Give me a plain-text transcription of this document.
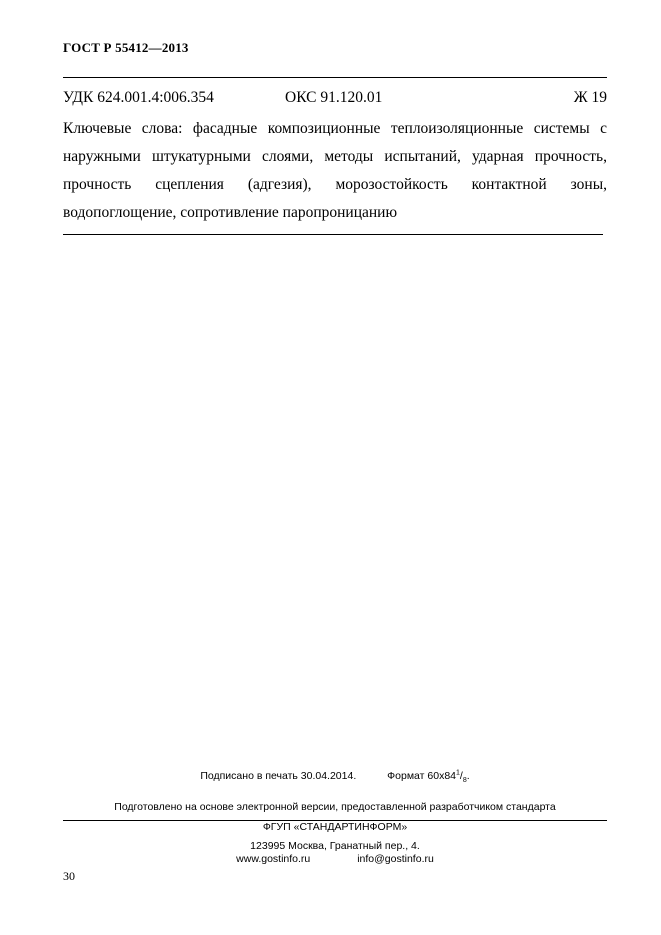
ГОСТ Р 55412—2013
УДК 624.001.4:006.354	ОКС 91.120.01	Ж 19

Ключевые слова: фасадные композиционные теплоизоляционные системы с наружными штукатурными слоями, методы испытаний, ударная прочность, прочность сцепления (адгезия), морозостойкость контактной зоны, водопоглощение, сопротивление паропроницанию

Подписано в печать 30.04.2014.	Формат $60х84^1/_8$.
Подготовлено на основе электронной версии, предоставленной разработчиком стандарта
ФГУП «СТАНДАРТИНФОРМ»
123995 Москва, Гранатный пер., 4.
www.gostinfo.ru	info@gostinfo.ru
30
